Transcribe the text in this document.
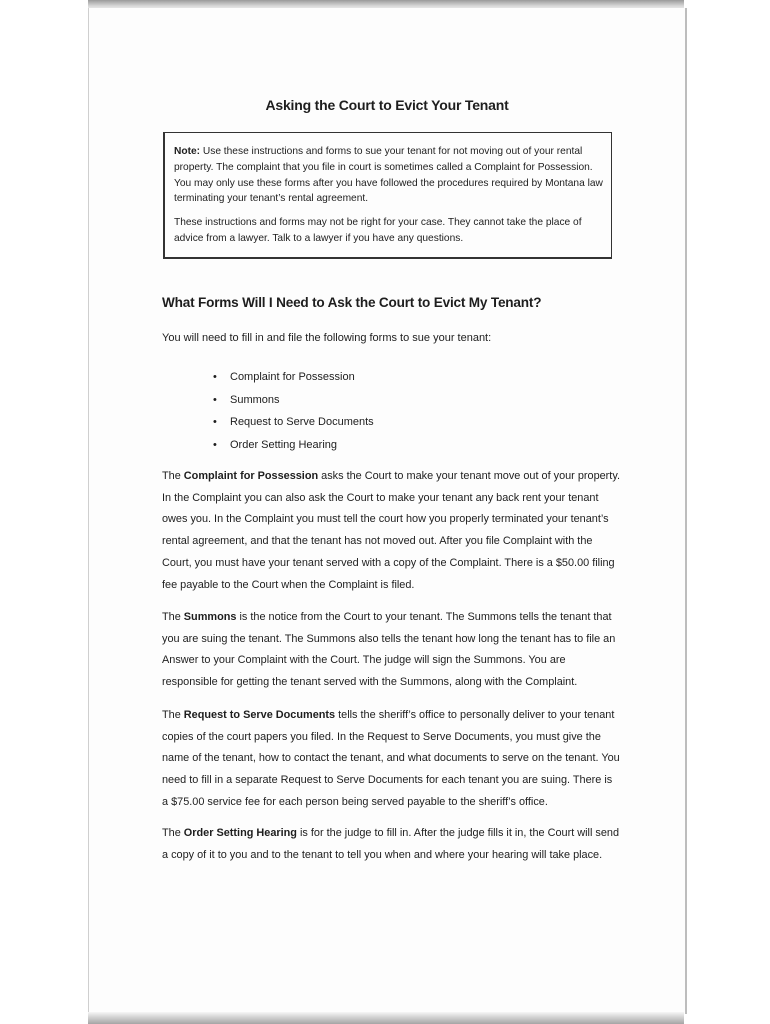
Asking the Court to Evict Your Tenant

Note: Use these instructions and forms to sue your tenant for not moving out of your rental property. The complaint that you file in court is sometimes called a Complaint for Possession. You may only use these forms after you have followed the procedures required by Montana law terminating your tenant’s rental agreement.

These instructions and forms may not be right for your case. They cannot take the place of advice from a lawyer. Talk to a lawyer if you have any questions.

What Forms Will I Need to Ask the Court to Evict My Tenant?
You will need to fill in and file the following forms to sue your tenant:
• Complaint for Possession
• Summons
• Request to Serve Documents
• Order Setting Hearing

The Complaint for Possession asks the Court to make your tenant move out of your property. In the Complaint you can also ask the Court to make your tenant any back rent your tenant owes you. In the Complaint you must tell the court how you properly terminated your tenant’s rental agreement, and that the tenant has not moved out. After you file Complaint with the Court, you must have your tenant served with a copy of the Complaint. There is a $50.00 filing fee payable to the Court when the Complaint is filed.

The Summons is the notice from the Court to your tenant. The Summons tells the tenant that you are suing the tenant. The Summons also tells the tenant how long the tenant has to file an Answer to your Complaint with the Court. The judge will sign the Summons. You are responsible for getting the tenant served with the Summons, along with the Complaint.

The Request to Serve Documents tells the sheriff’s office to personally deliver to your tenant copies of the court papers you filed. In the Request to Serve Documents, you must give the name of the tenant, how to contact the tenant, and what documents to serve on the tenant. You need to fill in a separate Request to Serve Documents for each tenant you are suing. There is a $75.00 service fee for each person being served payable to the sheriff’s office.

The Order Setting Hearing is for the judge to fill in. After the judge fills it in, the Court will send a copy of it to you and to the tenant to tell you when and where your hearing will take place.
